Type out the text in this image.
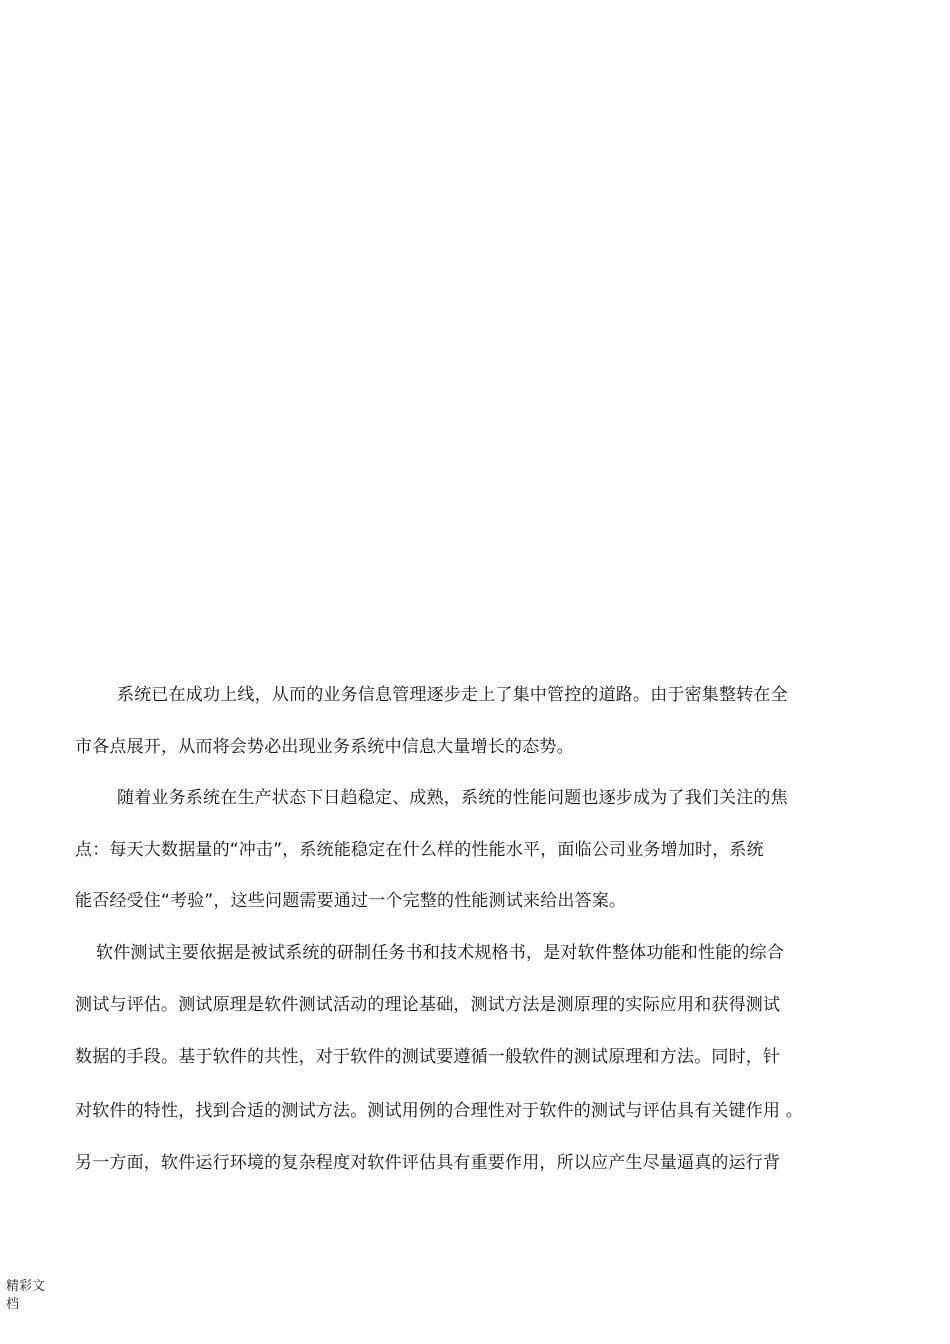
系统已在成功上线，从而的业务信息管理逐步走上了集中管控的道路。由于密集整转在全
市各点展开，从而将会势必出现业务系统中信息大量增长的态势。
随着业务系统在生产状态下日趋稳定、成熟，系统的性能问题也逐步成为了我们关注的焦
点：每天大数据量的“冲击”，系统能稳定在什么样的性能水平，面临公司业务增加时，系统
能否经受住“考验”，这些问题需要通过一个完整的性能测试来给出答案。
软件测试主要依据是被试系统的研制任务书和技术规格书，是对软件整体功能和性能的综合
测试与评估。测试原理是软件测试活动的理论基础，测试方法是测原理的实际应用和获得测试
数据的手段。基于软件的共性，对于软件的测试要遵循一般软件的测试原理和方法。同时，针
对软件的特性，找到合适的测试方法。测试用例的合理性对于软件的测试与评估具有关键作用 。
另一方面，软件运行环境的复杂程度对软件评估具有重要作用，所以应产生尽量逼真的运行背
精彩文档
